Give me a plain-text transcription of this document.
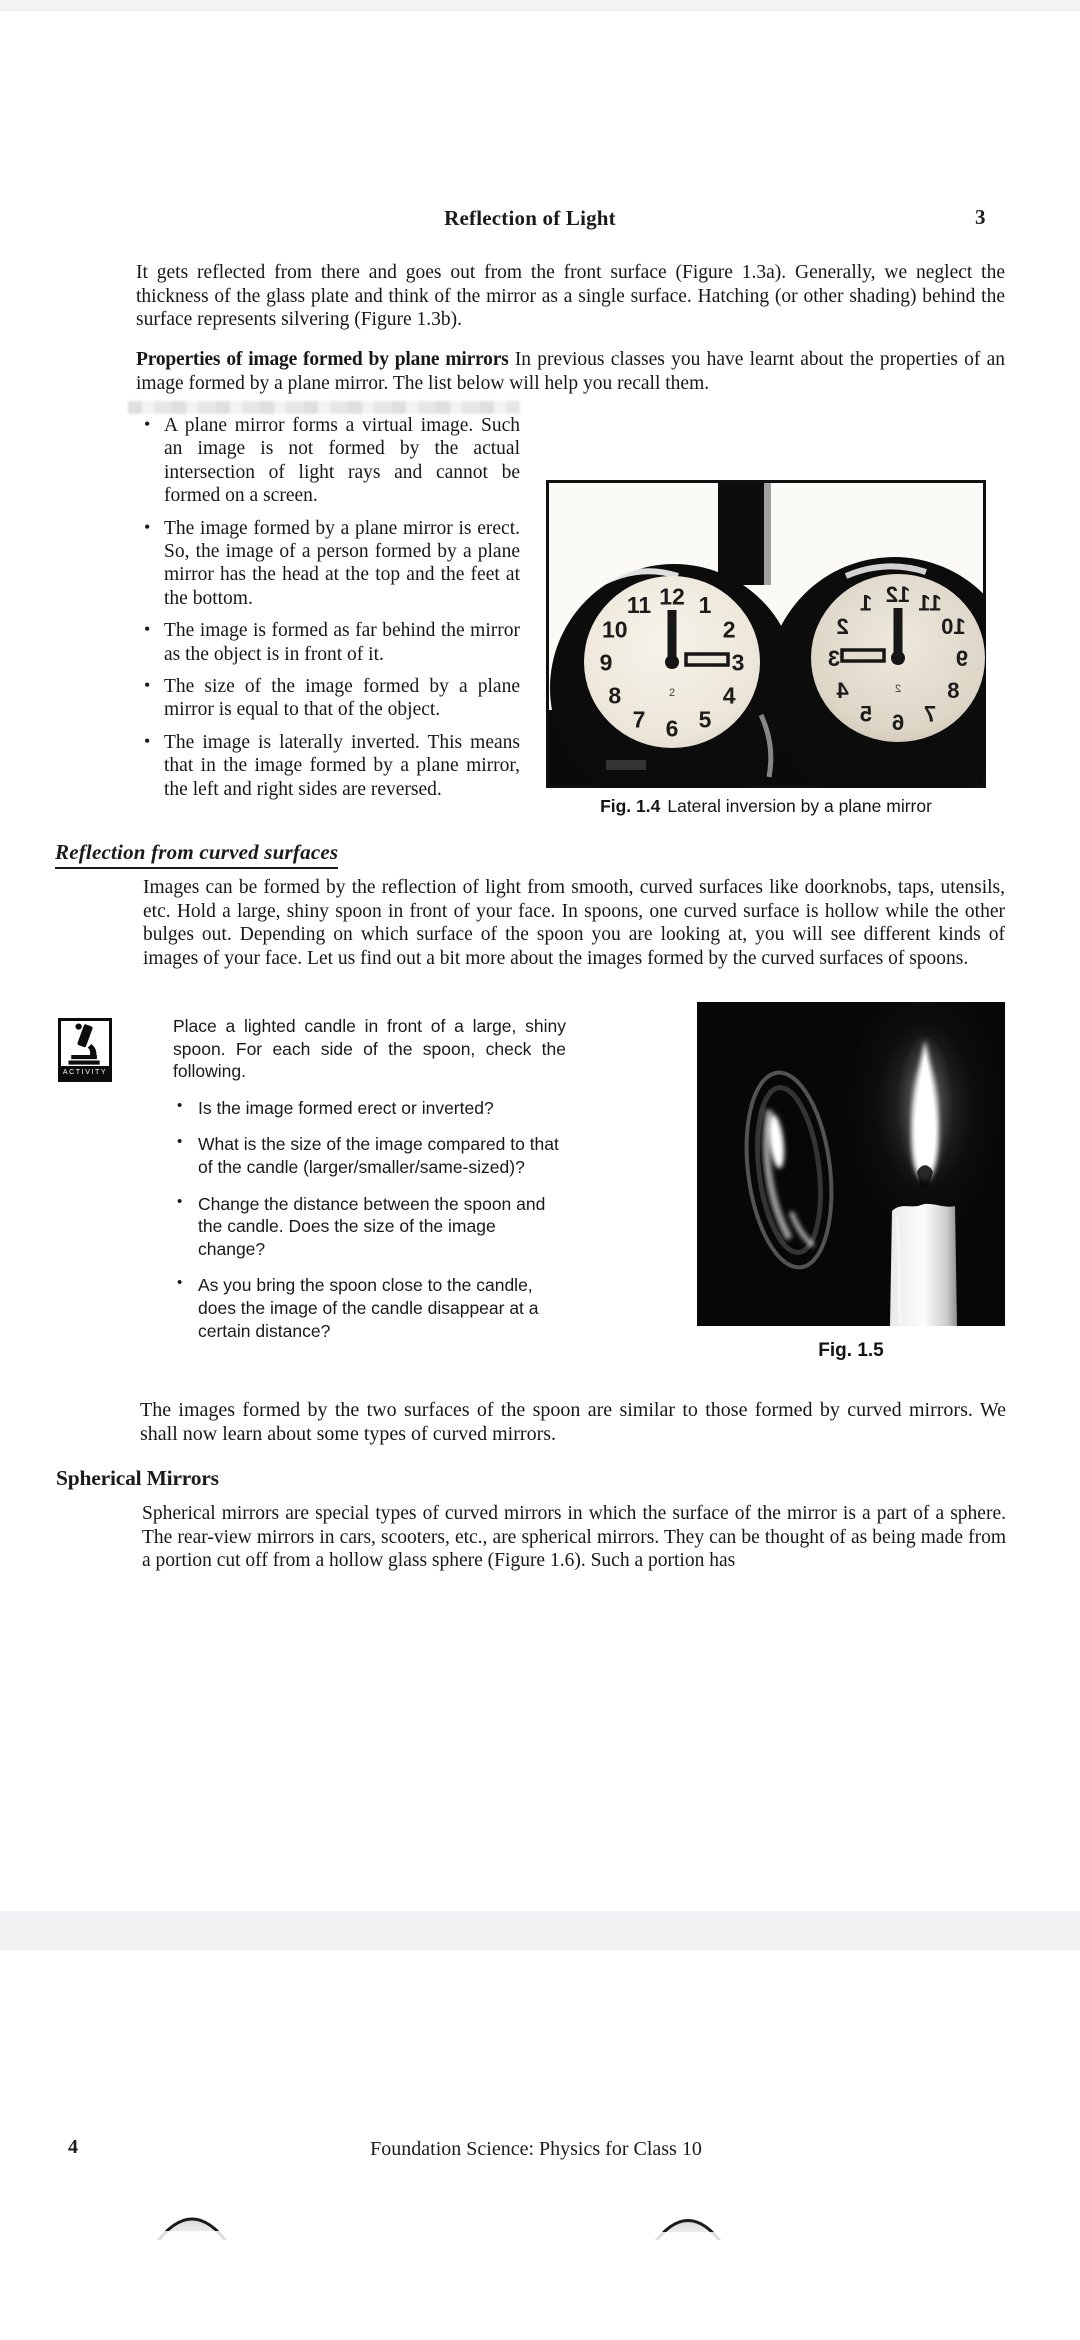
Reflection of Light	3
It gets reflected from there and goes out from the front surface (Figure 1.3a). Generally, we neglect the thickness of the glass plate and think of the mirror as a single surface. Hatching (or other shading) behind the surface represents silvering (Figure 1.3b).
Properties of image formed by plane mirrors In previous classes you have learnt about the properties of an image formed by a plane mirror. The list below will help you recall them.
• A plane mirror forms a virtual image. Such an image is not formed by the actual intersection of light rays and cannot be formed on a screen.
• The image formed by a plane mirror is erect. So, the image of a person formed by a plane mirror has the head at the top and the feet at the bottom.
• The image is formed as far behind the mirror as the object is in front of it.
• The size of the image formed by a plane mirror is equal to that of the object.
• The image is laterally inverted. This means that in the image formed by a plane mirror, the left and right sides are reversed.
12 1
2
3
4
5
6
7
8
9
10
11
2
12
1
2
3
4
5 6 7
8
9
10
11
2
Fig. 1.4 Lateral inversion by a plane mirror
Reflection from curved surfaces
Images can be formed by the reflection of light from smooth, curved surfaces like doorknobs, taps, utensils, etc. Hold a large, shiny spoon in front of your face. In spoons, one curved surface is hollow while the other bulges out. Depending on which surface of the spoon you are looking at, you will see different kinds of images of your face. Let us find out a bit more about the images formed by the curved surfaces of spoons.
ACTIVITY
Place a lighted candle in front of a large, shiny spoon. For each side of the spoon, check the following.
• Is the image formed erect or inverted?
• What is the size of the image compared to that of the candle (larger/smaller/same-sized)?
• Change the distance between the spoon and the candle. Does the size of the image change?
• As you bring the spoon close to the candle, does the image of the candle disappear at a certain distance?
Fig. 1.5
The images formed by the two surfaces of the spoon are similar to those formed by curved mirrors. We shall now learn about some types of curved mirrors.
Spherical Mirrors
Spherical mirrors are special types of curved mirrors in which the surface of the mirror is a part of a sphere. The rear-view mirrors in cars, scooters, etc., are spherical mirrors. They can be thought of as being made from a portion cut off from a hollow glass sphere (Figure 1.6). Such a portion has
4	Foundation Science: Physics for Class 10
